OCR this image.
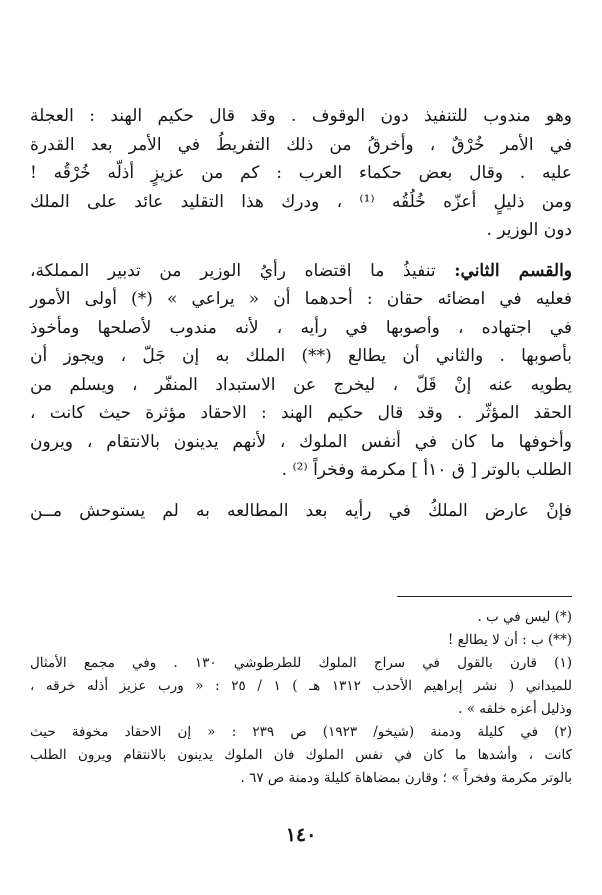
وهو مندوب للتنفيذ دون الوقوف . وقد قال حكيم الهند : العجلة
في الأمر خُرْقٌ ، وأخرقُ من ذلك التفريطُ في الأمر بعد القدرة
عليه . وقال بعض حكماء العرب : كم من عزيزٍ أذلّه خُرْقُه !
ومن ذليلٍ أعزّه خُلُقُه ⁽¹⁾ ، ودرك هذا التقليد عائد على الملك
دون الوزير .
والقسم الثاني: تنفيذُ ما اقتضاه رأيُ الوزير من تدبير المملكة،
فعليه في امضائه حقان : أحدهما أن « يراعي » (*) أولى الأمور
في اجتهاده ، وأصوبها في رأيه ، لأنه مندوب لأصلحها ومأخوذ
بأصوبها . والثاني أن يطالع (**) الملك به إن جَلّ ، ويجوز أن
يطويه عنه إنْ قَلّ ، ليخرج عن الاستبداد المنفّر ، ويسلم من
الحقد المؤثّر . وقد قال حكيم الهند : الاحقاد مؤثرة حيث كانت ،
وأخوفها ما كان في أنفس الملوك ، لأنهم يدينون بالانتقام ، ويرون
الطلب بالوتر [ ق ١٠أ ] مكرمة وفخراً ⁽²⁾ .
فإنْ عارض الملكُ في رأيه بعد المطالعه به لم يستوحش مــن
(*) ليس في ب .
(**) ب : أن لا يطالع !
(١) قارن بالقول في سراج الملوك للطرطوشي ١٣٠ . وفي مجمع الأمثال
للميداني ( نشر إبراهيم الأحدب ١٣١٢ هـ ) ١ / ٢٥ : « ورب عزيز أذله خرقه ،
وذليل أعزه خلقه » .
(٢) في كليلة ودمنة (شيخو/ ١٩٢٣) ص ٢٣٩ : « إن الاحقاد مخوفة حيث
كانت ، وأشدها ما كان في نفس الملوك فان الملوك يدينون بالانتقام ويرون الطلب
بالوتر مكرمة وفخراً » ؛ وقارن بمضاهاة كليلة ودمنة ص ٦٧ .
١٤٠
